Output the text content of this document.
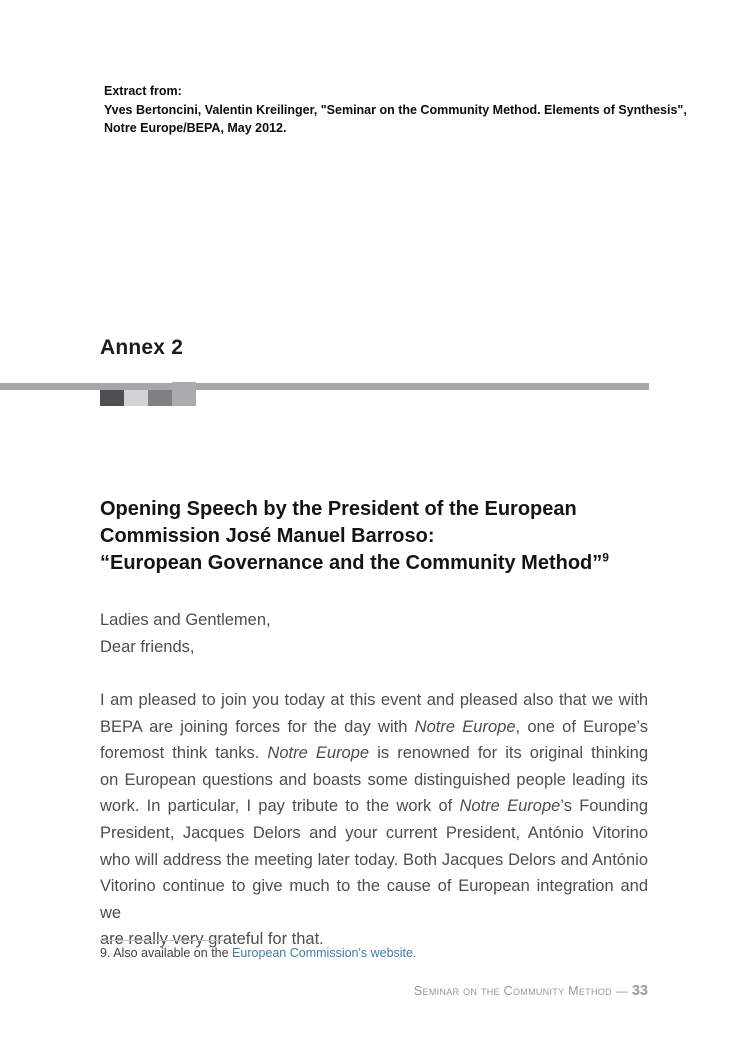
Extract from:
Yves Bertoncini, Valentin Kreilinger, "Seminar on the Community Method. Elements of Synthesis",
Notre Europe/BEPA, May 2012.
Annex 2
Opening Speech by the President of the European
Commission José Manuel Barroso:
“European Governance and the Community Method”$^9$
Ladies and Gentlemen,
Dear friends,
I am pleased to join you today at this event and pleased also that we with
BEPA are joining forces for the day with Notre Europe, one of Europe’s
foremost think tanks. Notre Europe is renowned for its original thinking
on European questions and boasts some distinguished people leading its
work. In particular, I pay tribute to the work of Notre Europe’s Founding
President, Jacques Delors and your current President, António Vitorino
who will address the meeting later today. Both Jacques Delors and António
Vitorino continue to give much to the cause of European integration and we
are really very grateful for that.
9. Also available on the European Commission's website.
Seminar on the Community Method — 33
